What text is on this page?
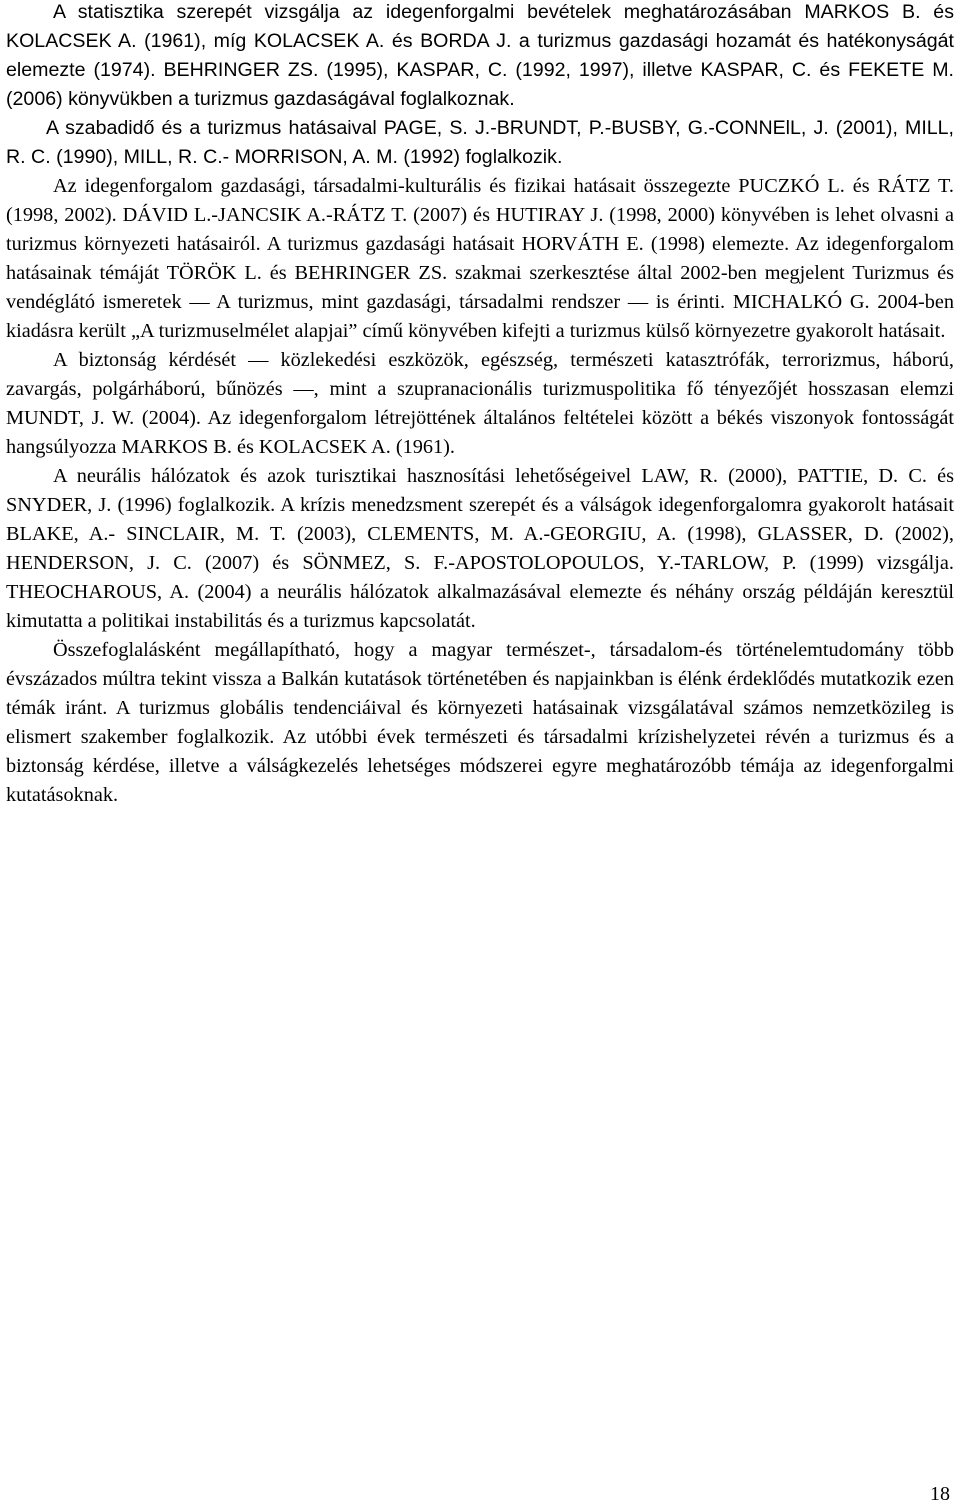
A statisztika szerepét vizsgálja az idegenforgalmi bevételek meghatározásában MARKOS B. és KOLACSEK A. (1961), míg KOLACSEK A. és BORDA J. a turizmus gazdasági hozamát és hatékonyságát elemezte (1974). BEHRINGER ZS. (1995), KASPAR, C. (1992, 1997), illetve KASPAR, C. és FEKETE M. (2006) könyvükben a turizmus gazdaságával foglalkoznak.

A szabadidő és a turizmus hatásaival PAGE, S. J.-BRUNDT, P.-BUSBY, G.-CONNElL, J. (2001), MILL, R. C. (1990), MILL, R. C.- MORRISON, A. M. (1992) foglalkozik.

Az idegenforgalom gazdasági, társadalmi-kulturális és fizikai hatásait összegezte PUCZKÓ L. és RÁTZ T. (1998, 2002). DÁVID L.-JANCSIK A.-RÁTZ T. (2007) és HUTIRAY J. (1998, 2000) könyvében is lehet olvasni a turizmus környezeti hatásairól. A turizmus gazdasági hatásait HORVÁTH E. (1998) elemezte. Az idegenforgalom hatásainak témáját TÖRÖK L. és BEHRINGER ZS. szakmai szerkesztése által 2002-ben megjelent Turizmus és vendéglátó ismeretek ― A turizmus, mint gazdasági, társadalmi rendszer ― is érinti. MICHALKÓ G. 2004-ben kiadásra került „A turizmuselmélet alapjai” című könyvében kifejti a turizmus külső környezetre gyakorolt hatásait.

A biztonság kérdését ― közlekedési eszközök, egészség, természeti katasztrófák, terrorizmus, háború, zavargás, polgárháború, bűnözés ―, mint a szupranacionális turizmuspolitika fő tényezőjét hosszasan elemzi MUNDT, J. W. (2004). Az idegenforgalom létrejöttének általános feltételei között a békés viszonyok fontosságát hangsúlyozza MARKOS B. és KOLACSEK A. (1961).

A neurális hálózatok és azok turisztikai hasznosítási lehetőségeivel LAW, R. (2000), PATTIE, D. C. és SNYDER, J. (1996) foglalkozik. A krízis menedzsment szerepét és a válságok idegenforgalomra gyakorolt hatásait BLAKE, A.- SINCLAIR, M. T. (2003), CLEMENTS, M. A.-GEORGIU, A. (1998), GLASSER, D. (2002), HENDERSON, J. C. (2007) és SÖNMEZ, S. F.-APOSTOLOPOULOS, Y.-TARLOW, P. (1999) vizsgálja. THEOCHAROUS, A. (2004) a neurális hálózatok alkalmazásával elemezte és néhány ország példáján keresztül kimutatta a politikai instabilitás és a turizmus kapcsolatát.

Összefoglalásként megállapítható, hogy a magyar természet-, társadalom-és történelemtudomány több évszázados múltra tekint vissza a Balkán kutatások történetében és napjainkban is élénk érdeklődés mutatkozik ezen témák iránt. A turizmus globális tendenciáival és környezeti hatásainak vizsgálatával számos nemzetközileg is elismert szakember foglalkozik. Az utóbbi évek természeti és társadalmi krízishelyzetei révén a turizmus és a biztonság kérdése, illetve a válságkezelés lehetséges módszerei egyre meghatározóbb témája az idegenforgalmi kutatásoknak.

18
